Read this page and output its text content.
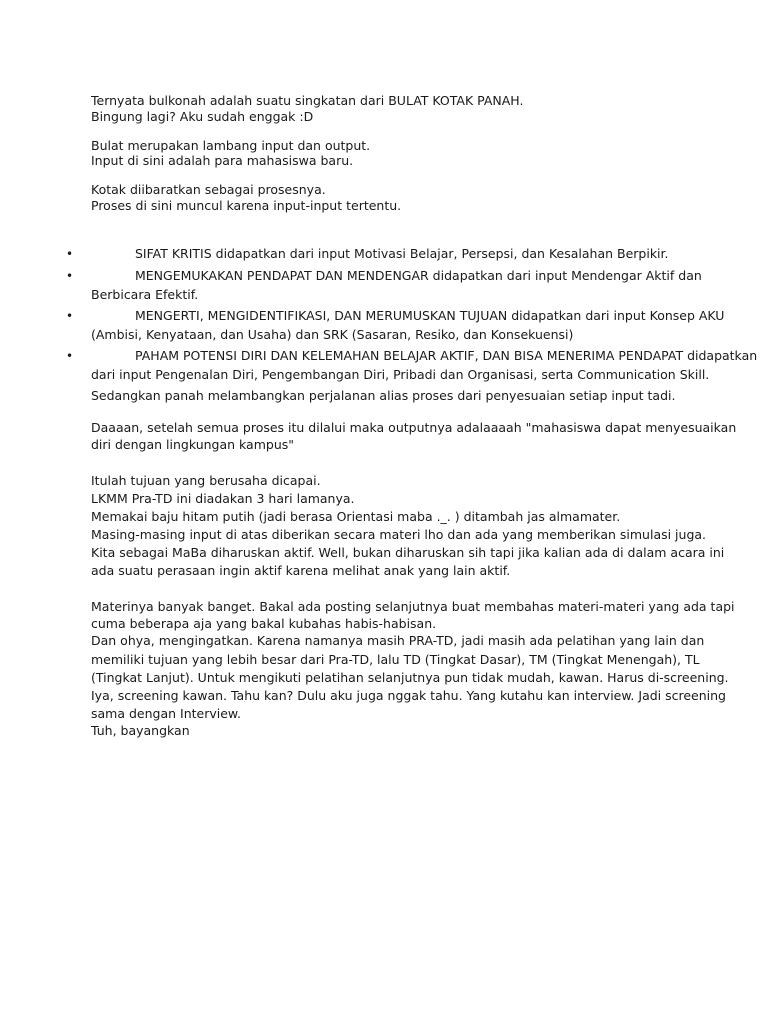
Ternyata bulkonah adalah suatu singkatan dari BULAT KOTAK PANAH.
Bingung lagi? Aku sudah enggak :D
Bulat merupakan lambang input dan output.
Input di sini adalah para mahasiswa baru.
Kotak diibaratkan sebagai prosesnya.
Proses di sini muncul karena input-input tertentu.
•	SIFAT KRITIS didapatkan dari input Motivasi Belajar, Persepsi, dan Kesalahan Berpikir.
•	MENGEMUKAKAN PENDAPAT DAN MENDENGAR didapatkan dari input Mendengar Aktif dan
Berbicara Efektif.
•	MENGERTI, MENGIDENTIFIKASI, DAN MERUMUSKAN TUJUAN didapatkan dari input Konsep AKU
(Ambisi, Kenyataan, dan Usaha) dan SRK (Sasaran, Resiko, dan Konsekuensi)
•	PAHAM POTENSI DIRI DAN KELEMAHAN BELAJAR AKTIF, DAN BISA MENERIMA PENDAPAT didapatkan
dari input Pengenalan Diri, Pengembangan Diri, Pribadi dan Organisasi, serta Communication Skill.
Sedangkan panah melambangkan perjalanan alias proses dari penyesuaian setiap input tadi.
Daaaan, setelah semua proses itu dilalui maka outputnya adalaaaah "mahasiswa dapat menyesuaikan
diri dengan lingkungan kampus"
Itulah tujuan yang berusaha dicapai.
LKMM Pra-TD ini diadakan 3 hari lamanya.
Memakai baju hitam putih (jadi berasa Orientasi maba ._. ) ditambah jas almamater.
Masing-masing input di atas diberikan secara materi lho dan ada yang memberikan simulasi juga.
Kita sebagai MaBa diharuskan aktif. Well, bukan diharuskan sih tapi jika kalian ada di dalam acara ini
ada suatu perasaan ingin aktif karena melihat anak yang lain aktif.
Materinya banyak banget. Bakal ada posting selanjutnya buat membahas materi-materi yang ada tapi
cuma beberapa aja yang bakal kubahas habis-habisan.
Dan ohya, mengingatkan. Karena namanya masih PRA-TD, jadi masih ada pelatihan yang lain dan
memiliki tujuan yang lebih besar dari Pra-TD, lalu TD (Tingkat Dasar), TM (Tingkat Menengah), TL
(Tingkat Lanjut). Untuk mengikuti pelatihan selanjutnya pun tidak mudah, kawan. Harus di-screening.
Iya, screening kawan. Tahu kan? Dulu aku juga nggak tahu. Yang kutahu kan interview. Jadi screening
sama dengan Interview.
Tuh, bayangkan
